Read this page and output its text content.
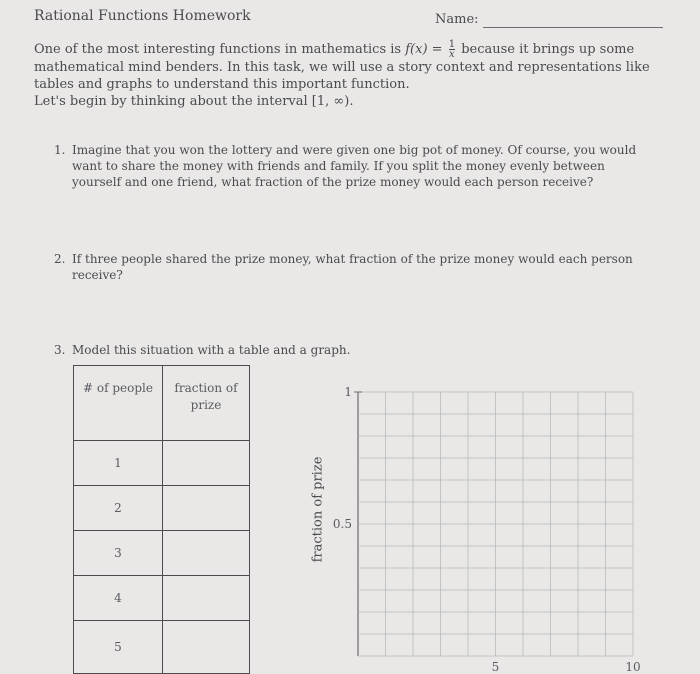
Rational Functions Homework	Name:

One of the most interesting functions in mathematics is $f(x) = \frac{1}{x}$ because it brings up some mathematical mind benders. In this task, we will use a story context and representations like tables and graphs to understand this important function.

Let's begin by thinking about the interval [1, ∞).

1. Imagine that you won the lottery and were given one big pot of money. Of course, you would want to share the money with friends and family. If you split the money evenly between yourself and one friend, what fraction of the prize money would each person receive?
2. If three people shared the prize money, what fraction of the prize money would each person receive?
3. Model this situation with a table and a graph.
# of people	fraction of prize
1	
2	
3	
4	
5	
fraction of prize
1
0.5
5	10
